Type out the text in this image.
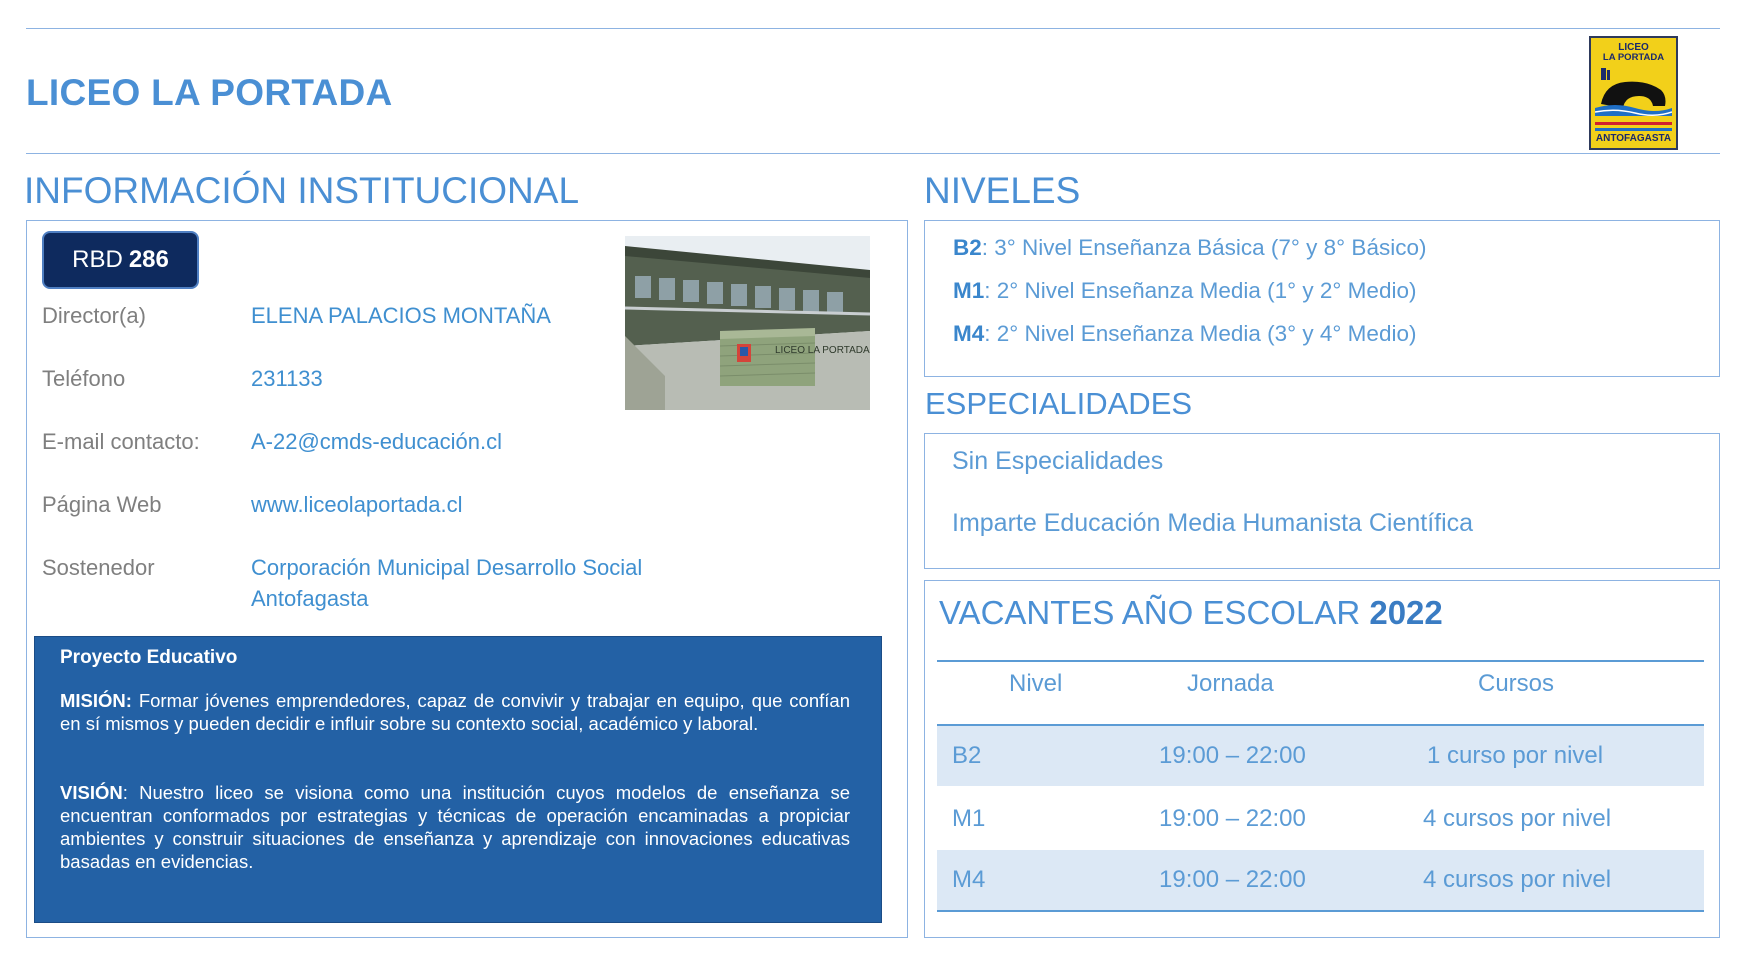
LICEO LA PORTADA
LICEO
LA PORTADA
ANTOFAGASTA
INFORMACIÓN INSTITUCIONAL
RBD 286
Director(a)	ELENA PALACIOS MONTAÑA
Teléfono	231133
E-mail contacto: A-22@cmds-educación.cl
Página Web	www.liceolaportada.cl
Sostenedor	Corporación Municipal Desarrollo Social
Antofagasta
LICEO LA PORTADA
Proyecto Educativo
MISIÓN: Formar jóvenes emprendedores, capaz de convivir y trabajar en equipo, que confían en sí mismos y pueden decidir e influir sobre su contexto social, académico y laboral.
VISIÓN: Nuestro liceo se visiona como una institución cuyos modelos de enseñanza se encuentran conformados por estrategias y técnicas de operación encaminadas a propiciar ambientes y construir situaciones de enseñanza y aprendizaje con innovaciones educativas basadas en evidencias.
NIVELES
B2: 3° Nivel Enseñanza Básica (7° y 8° Básico)
M1: 2° Nivel Enseñanza Media (1° y 2° Medio)
M4: 2° Nivel Enseñanza Media (3° y 4° Medio)
ESPECIALIDADES
Sin Especialidades
Imparte Educación Media Humanista Científica
VACANTES AÑO ESCOLAR 2022
Nivel	Jornada	Cursos
B2	19:00 – 22:00	1 curso por nivel
M1	19:00 – 22:00	4 cursos por nivel
M4	19:00 – 22:00	4 cursos por nivel
